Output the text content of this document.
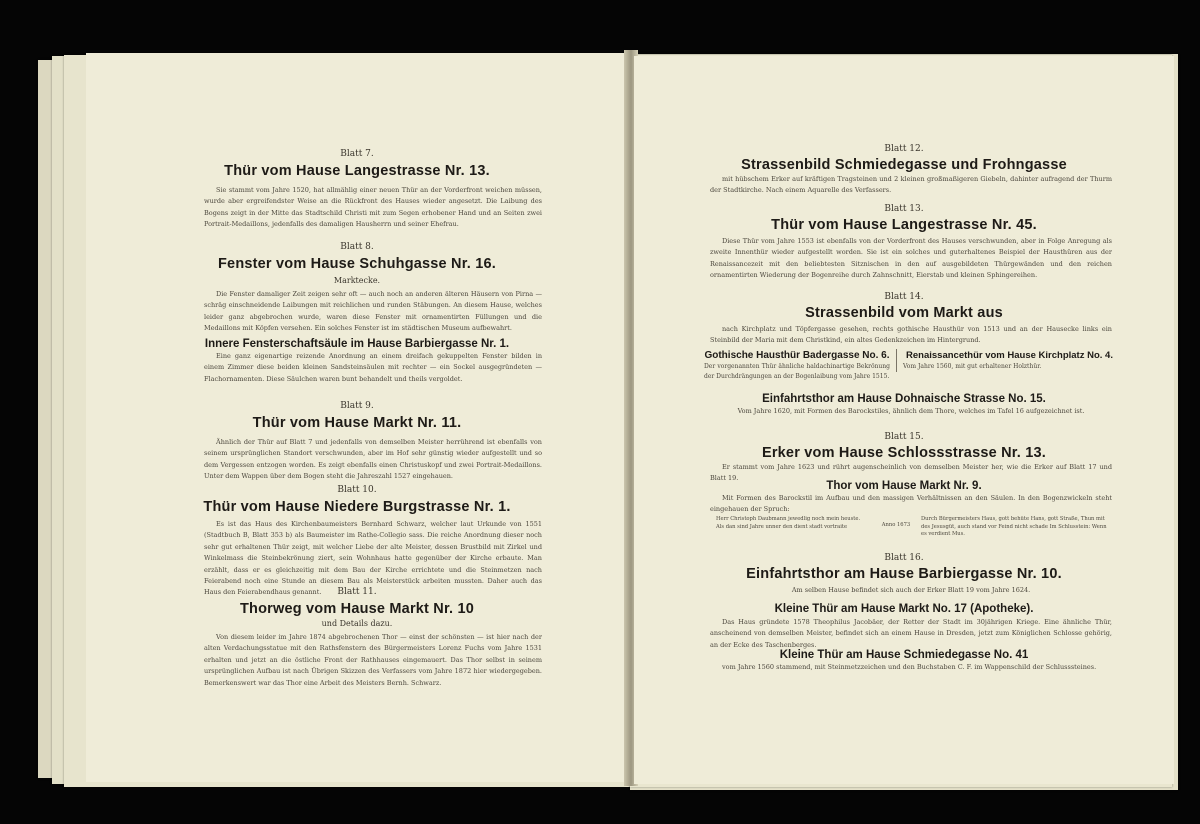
Blatt 7.
Thür vom Hause Langestrasse Nr. 13.

Sie stammt vom Jahre 1520, hat allmählig einer neuen Thür an der Vorderfront weichen müssen, wurde aber ergreifendster Weise an die Rückfront des Hauses wieder angesetzt. Die Laibung des Bogens zeigt in der Mitte das Stadtschild Christi mit zum Segen erhobener Hand und an Seiten zwei Portrait-Medaillons, jedenfalls des damaligen Hausherrn und seiner Ehefrau.

Blatt 8.
Fenster vom Hause Schuhgasse Nr. 16.
Marktecke.

Die Fenster damaliger Zeit zeigen sehr oft — auch noch an anderen älteren Häusern von Pirna — schräg einschneidende Laibungen mit reichlichen und runden Stäbungen. An diesem Hause, welches leider ganz abgebrochen wurde, waren diese Fenster mit ornamentirten Füllungen und die Medaillons mit Köpfen versehen. Ein solches Fenster ist im städtischen Museum aufbewahrt.

Innere Fensterschaftsäule im Hause Barbiergasse Nr. 1.

Eine ganz eigenartige reizende Anordnung an einem dreifach gekuppelten Fenster bilden in einem Zimmer diese beiden kleinen Sandsteinsäulen mit rechter — ein Sockel ausgegründeten — Flachornamenten. Diese Säulchen waren bunt behandelt und theils vergoldet.

Blatt 9.
Thür vom Hause Markt Nr. 11.

Ähnlich der Thür auf Blatt 7 und jedenfalls von demselben Meister herrührend ist ebenfalls von seinem ursprünglichen Standort verschwunden, aber im Hof sehr günstig wieder aufgestellt und so dem Vergessen entzogen worden. Es zeigt ebenfalls einen Christuskopf und zwei Portrait-Medaillons. Unter dem Wappen über dem Bogen steht die Jahreszahl 1527 eingehauen.

Blatt 10.
Thür vom Hause Niedere Burgstrasse Nr. 1.

Es ist das Haus des Kirchenbaumeisters Bernhard Schwarz, welcher laut Urkunde von 1551 (Stadtbuch B, Blatt 353 b) als Baumeister im Rathe-Collegio sass. Die reiche Anordnung dieser noch sehr gut erhaltenen Thür zeigt, mit welcher Liebe der alte Meister, dessen Brustbild mit Zirkel und Winkelmass die Steinbekrönung ziert, sein Wohnhaus hatte gegenüber der Kirche erbaute. Man erzählt, dass er es gleichzeitig mit dem Bau der Kirche errichtete und die Steinmetzen nach Feierabend noch eine Stunde an diesem Bau als Meisterstück arbeiten mussten. Daher auch das Haus den Feierabendhaus genannt.	Blatt 11.
Thorweg vom Hause Markt Nr. 10
und Details dazu.

Von diesem leider im Jahre 1874 abgebrochenen Thor — einst der schönsten — ist hier nach der alten Verdachungsstatue mit den Rathsfenstern des Bürgermeisters Lorenz Fuchs vom Jahre 1531 erhalten und jetzt an die östliche Front der Rathhauses eingemauert. Das Thor selbst in seinem ursprünglichen Aufbau ist nach Übrigen Skizzen des Verfassers vom Jahre 1872 hier wiedergegeben. Bemerkenswert war das Thor eine Arbeit des Meisters Bernh. Schwarz.

Blatt 12.
Strassenbild Schmiedegasse und Frohngasse

mit hübschem Erker auf kräftigen Tragsteinen und 2 kleinen großmaßigeren Giebeln, dahinter aufragend der Thurm der Stadtkirche. Nach einem Aquarelle des Verfassers.

Blatt 13.
Thür vom Hause Langestrasse Nr. 45.

Diese Thür vom Jahre 1553 ist ebenfalls von der Vorderfront des Hauses verschwunden, aber in Folge Anregung als zweite Innenthür wieder aufgestellt worden. Sie ist ein solches und guterhaltenes Beispiel der Hausthüren aus der Renaissancezeit mit den beliebtesten Sitznischen in den auf ausgebildeten Thürgewänden und den reichen ornamentirten Wiederung der Bogenreihe durch Zahnschnitt, Eierstab und kleinen Sphingereihen.

Blatt 14.
Strassenbild vom Markt aus

nach Kirchplatz und Töpfergasse gesehen, rechts gothische Hausthür von 1513 und an der Hausecke links ein Steinbild der Maria mit dem Christkind, ein altes Gedenkzeichen im Hintergrund.

Gothische Hausthür Badergasse No. 6.

Der vorgenannten Thür ähnliche haldachinartige Bekrönung der Durchdrängungen an der Bogenlaibung vom Jahre 1515.

Renaissancethür vom Hause Kirchplatz No. 4.

Vom Jahre 1560, mit gut erhaltener Holzthür.

Einfahrtsthor am Hause Dohnaische Strasse No. 15.

Vom Jahre 1620, mit Formen des Barockstiles, ähnlich dem Thore, welches im Tafel 16 aufgezeichnet ist.

Blatt 15.
Erker vom Hause Schlossstrasse Nr. 13.

Er stammt vom Jahre 1623 und rührt augenscheinlich von demselben Meister her, wie die Erker auf Blatt 17 und Blatt 19.

Thor vom Hause Markt Nr. 9.

Mit Formen des Barockstil im Aufbau und den massigen Verhältnissen an den Säulen. In den Bogenzwickeln steht eingehauen der Spruch:

Herr Christoph Daubmann jewedlig noch mein heuste. Als dan sind Jahre unner den dient stadt vortraite	Anno 1673
Durch Bürgermeisters Haus, gott behüte Hans, gott Straße, Thun mit des Jesusgüt, auch stand vor Feind nicht schade Im Schlusstein: Wenn es verdient Mus.
Blatt 16.
Einfahrtsthor am Hause Barbiergasse Nr. 10.

Am selben Hause befindet sich auch der Erker Blatt 19 vom Jahre 1624.

Kleine Thür am Hause Markt No. 17 (Apotheke).

Das Haus gründete 1578 Theophilus Jacobäer, der Retter der Stadt im 30jährigen Kriege. Eine ähnliche Thür, anscheinend von demselben Meister, befindet sich an einem Hause in Dresden, jetzt zum Königlichen Schlosse gehörig, an der Ecke des Taschenberges.

Kleine Thür am Hause Schmiedegasse No. 41

vom Jahre 1560 stammend, mit Steinmetzzeichen und den Buchstaben C. F. im Wappenschild der Schlusssteines.
